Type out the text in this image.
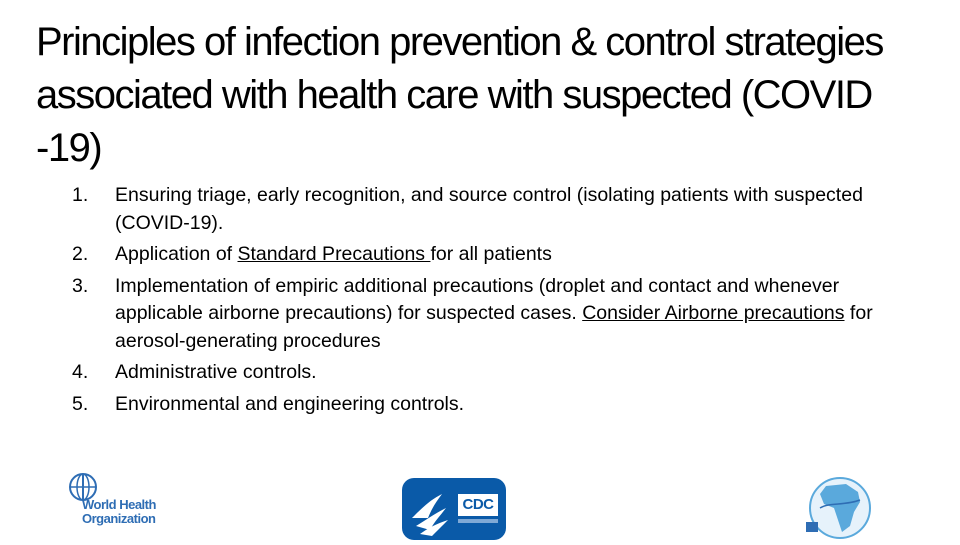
Principles of infection prevention & control strategies associated with health care with suspected (COVID -19)
1.	Ensuring triage, early recognition, and source control (isolating patients with suspected (COVID-19).
2.	Application of Standard Precautions for all patients
3.	Implementation of empiric additional precautions (droplet and contact and whenever applicable airborne precautions) for suspected cases. Consider Airborne precautions for aerosol-generating procedures
4.	Administrative controls.
5.	Environmental and engineering controls.
World Health
Organization
CDC
